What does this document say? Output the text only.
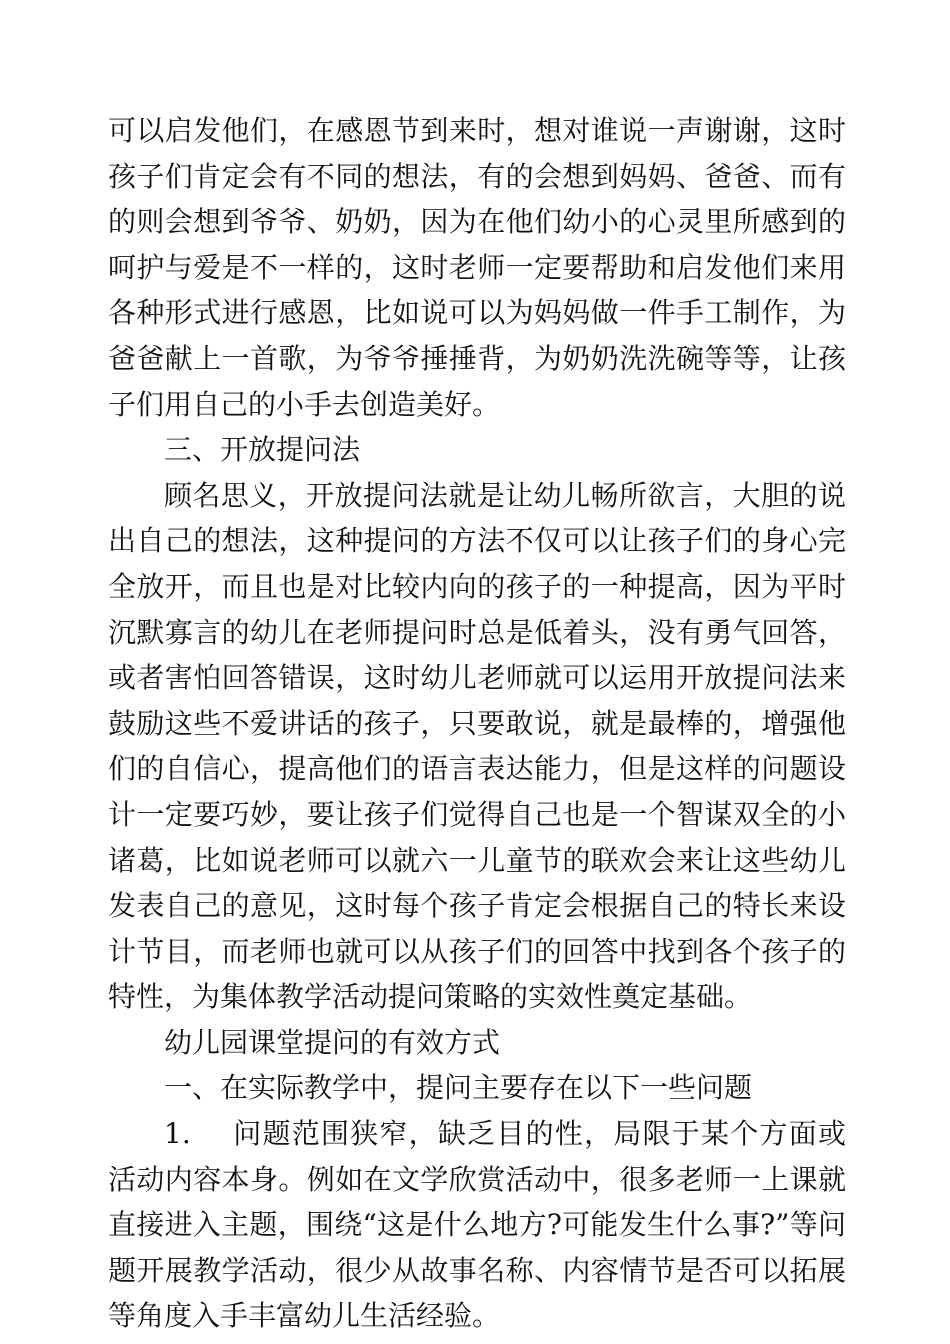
可以启发他们，在感恩节到来时，想对谁说一声谢谢，这时孩子们肯定会有不同的想法，有的会想到妈妈、爸爸、而有的则会想到爷爷、奶奶，因为在他们幼小的心灵里所感到的呵护与爱是不一样的，这时老师一定要帮助和启发他们来用各种形式进行感恩，比如说可以为妈妈做一件手工制作，为爸爸献上一首歌，为爷爷捶捶背，为奶奶洗洗碗等等，让孩子们用自己的小手去创造美好。

三、开放提问法

顾名思义，开放提问法就是让幼儿畅所欲言，大胆的说出自己的想法，这种提问的方法不仅可以让孩子们的身心完全放开，而且也是对比较内向的孩子的一种提高，因为平时沉默寡言的幼儿在老师提问时总是低着头，没有勇气回答，或者害怕回答错误，这时幼儿老师就可以运用开放提问法来鼓励这些不爱讲话的孩子，只要敢说，就是最棒的，增强他们的自信心，提高他们的语言表达能力，但是这样的问题设计一定要巧妙，要让孩子们觉得自己也是一个智谋双全的小诸葛，比如说老师可以就六一儿童节的联欢会来让这些幼儿发表自己的意见，这时每个孩子肯定会根据自己的特长来设计节目，而老师也就可以从孩子们的回答中找到各个孩子的特性，为集体教学活动提问策略的实效性奠定基础。

幼儿园课堂提问的有效方式

一、在实际教学中，提问主要存在以下一些问题

1. 问题范围狭窄，缺乏目的性，局限于某个方面或活动内容本身。例如在文学欣赏活动中，很多老师一上课就直接进入主题，围绕“这是什么地方?可能发生什么事?”等问题开展教学活动，很少从故事名称、内容情节是否可以拓展等角度入手丰富幼儿生活经验。
